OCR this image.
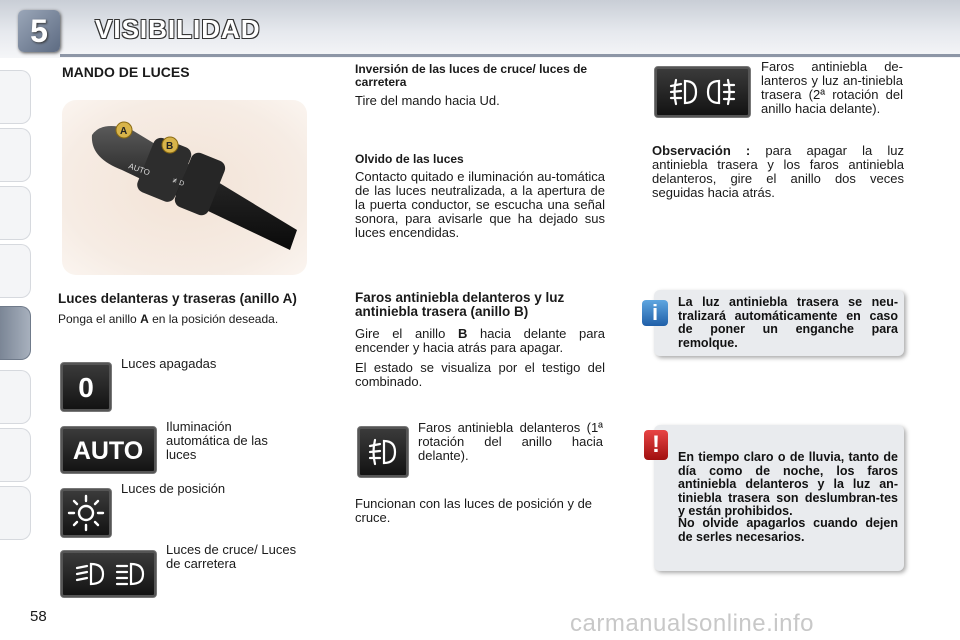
5	VISIBILIDAD
MANDO DE LUCES
AUTO
≢D
A
B
Luces delanteras y traseras (anillo A)
Ponga el anillo A en la posición deseada.
0
Luces apagadas
AUTO
Iluminación automática de las luces
Luces de posición
Luces de cruce/ Luces de carretera
Inversión de las luces de cruce/ luces de carretera
Tire del mando hacia Ud.
Olvido de las luces
Contacto quitado e iluminación au-tomática de las luces neutralizada, a la apertura de la puerta conductor, se escucha una señal sonora, para avisarle que ha dejado sus luces encendidas.
Faros antiniebla delanteros y luz antiniebla trasera (anillo B)
Gire el anillo B hacia delante para encender y hacia atrás para apagar.
El estado se visualiza por el testigo del combinado.
Faros antiniebla delanteros (1ª rotación del anillo hacia delante).
Funcionan con las luces de posición y de cruce.
Faros antiniebla de-lanteros y luz an-tiniebla trasera (2ª rotación del anillo hacia delante).
Observación : para apagar la luz antiniebla trasera y los faros antiniebla delanteros, gire el anillo dos veces seguidas hacia atrás.
La luz antiniebla trasera se neu-tralizará automáticamente en caso de poner un enganche para remolque.
i
En tiempo claro o de lluvia, tanto de día como de noche, los faros antiniebla delanteros y la luz an-tiniebla trasera son deslumbran-tes y están prohibidos.
No olvide apagarlos cuando dejen de serles necesarios.
!
58	carmanualsonline.info
